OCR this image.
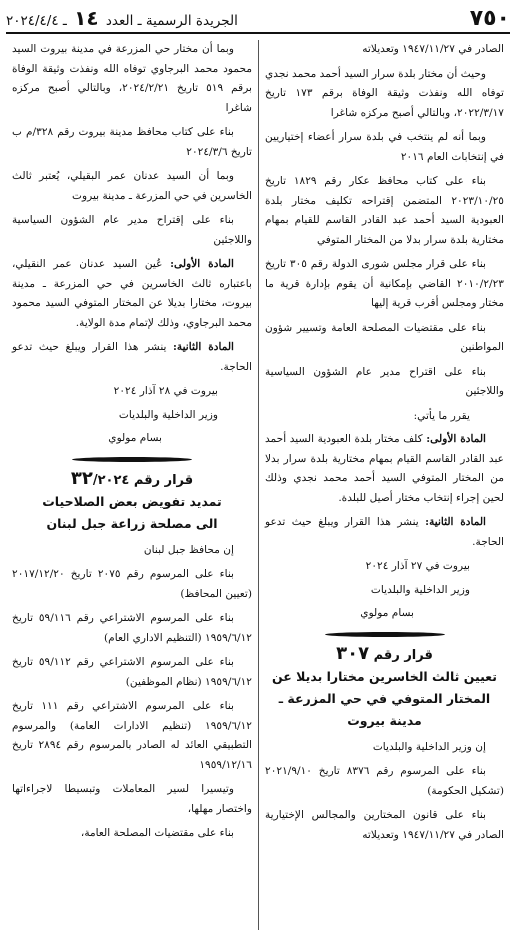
٧٥٠
الجريدة الرسمية ـ العدد ١٤ ـ ٢٠٢٤/٤/٤

الصادر في ١٩٤٧/١١/٢٧ وتعديلاته

وحيث أن مختار بلدة سرار السيد أحمد محمد نجدي توفاه الله ونفذت وثيقة الوفاة برقم ١٧٣ تاريخ ٢٠٢٢/٣/١٧، وبالتالي أصبح مركزه شاغرا

وبما أنه لم ينتخب في بلدة سرار أعضاء إختياريين في إنتخابات العام ٢٠١٦

بناء على كتاب محافظ عكار رقم ١٨٢٩ تاريخ ٢٠٢٣/١٠/٢٥ المتضمن إقتراحه تكليف مختار بلدة العبودية السيد أحمد عبد القادر القاسم للقيام بمهام مختارية بلدة سرار بدلا من المختار المتوفي

بناء على قرار مجلس شورى الدولة رقم ٣٠٥ تاريخ ٢٠١٠/٢/٢٣ القاضي بإمكانية أن يقوم بإدارة قرية ما مختار ومجلس أقرب قرية إليها

بناء على مقتضيات المصلحة العامة وتسيير شؤون المواطنين

بناء على اقتراح مدير عام الشؤون السياسية واللاجئين

يقرر ما يأتي:

المادة الأولى: كلف مختار بلدة العبودية السيد أحمد عبد القادر القاسم القيام بمهام مختارية بلدة سرار بدلا من المختار المتوفي السيد أحمد محمد نجدي وذلك لحين إجراء إنتخاب مختار أصيل للبلدة.

المادة الثانية: ينشر هذا القرار ويبلغ حيث تدعو الحاجة.

بيروت في ٢٧ آذار ٢٠٢٤

وزير الداخلية والبلديات

بسام مولوي

قرار رقم ٣٠٧
تعيين ثالث الخاسرين مختارا بديلا عن المختار المتوفي في حي المزرعة ـ مدينة بيروت

إن وزير الداخلية والبلديات

بناء على المرسوم رقم ٨٣٧٦ تاريخ ٢٠٢١/٩/١٠ (تشكيل الحكومة)

بناء على قانون المختارين والمجالس الإختيارية الصادر في ١٩٤٧/١١/٢٧ وتعديلاته

وبما أن مختار حي المزرعة في مدينة بيروت السيد محمود محمد البرجاوي توفاه الله ونفذت وثيقة الوفاة برقم ٥١٩ تاريخ ٢٠٢٤/٢/٢١، وبالتالي أصبح مركزه شاغرا

بناء على كتاب محافظ مدينة بيروت رقم ٣٢٨/م ب تاريخ ٢٠٢٤/٣/٦

وبما أن السيد عدنان عمر البقيلي، يُعتبر ثالث الخاسرين في حي المزرعة ـ مدينة بيروت

بناء على إقتراح مدير عام الشؤون السياسية واللاجئين

المادة الأولى: عُين السيد عدنان عمر النقيلي، باعتباره ثالث الخاسرين في حي المزرعة ـ مدينة بيروت، مختارا بديلا عن المختار المتوفي السيد محمود محمد البرجاوي، وذلك لإتمام مدة الولاية.

المادة الثانية: ينشر هذا القرار ويبلغ حيث تدعو الحاجة.

بيروت في ٢٨ آذار ٢٠٢٤

وزير الداخلية والبلديات

بسام مولوي

قرار رقم ٣٢/٢٠٢٤
تمديد تفويض بعض الصلاحيات
الى مصلحة زراعة جبل لبنان

إن محافظ جبل لبنان

بناء على المرسوم رقم ٢٠٧٥ تاريخ ٢٠١٧/١٢/٢٠ (تعيين المحافظ)

بناء على المرسوم الاشتراعي رقم ٥٩/١١٦ تاريخ ١٩٥٩/٦/١٢ (التنظيم الاداري العام)

بناء على المرسوم الاشتراعي رقم ٥٩/١١٢ تاريخ ١٩٥٩/٦/١٢ (نظام الموظفين)

بناء على المرسوم الاشتراعي رقم ١١١ تاريخ ١٩٥٩/٦/١٢ (تنظيم الادارات العامة) والمرسوم التطبيقي العائد له الصادر بالمرسوم رقم ٢٨٩٤ تاريخ ١٩٥٩/١٢/١٦

وتيسيرا لسير المعاملات وتبسيطا لاجراءاتها واختصار مهلها،

بناء على مقتضيات المصلحة العامة،
